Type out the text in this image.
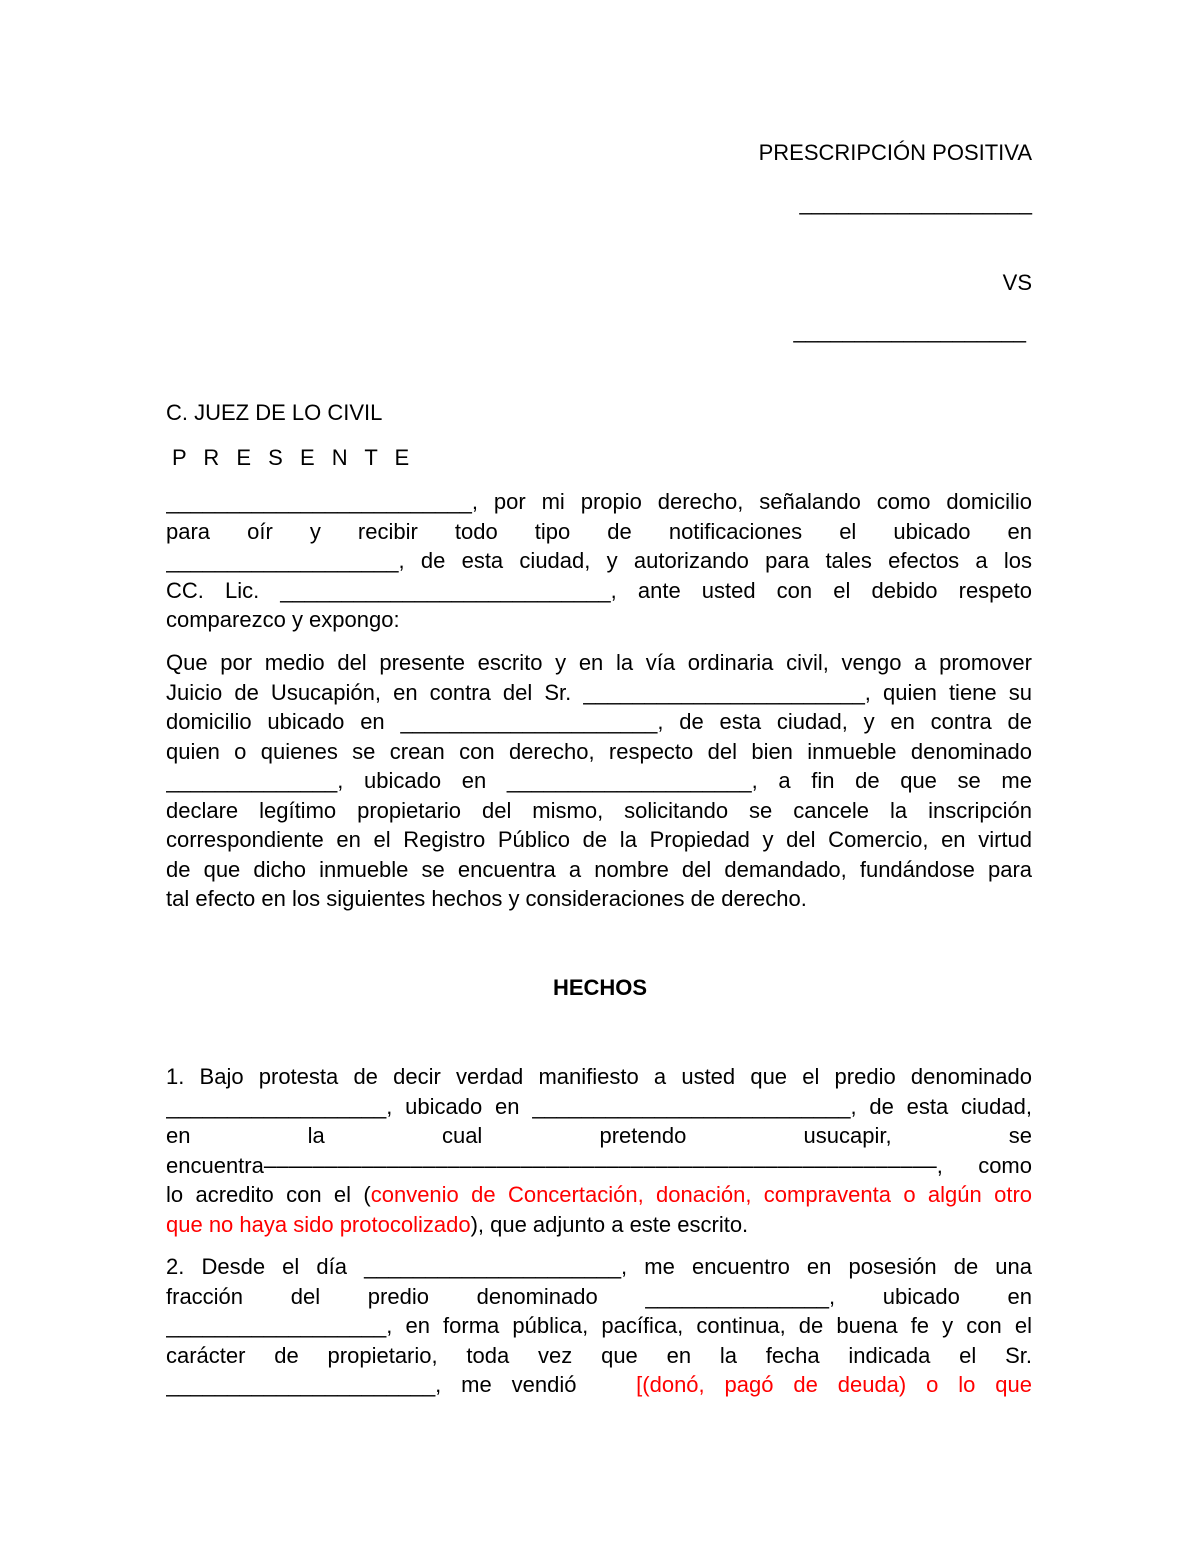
PRESCRIPCIÓN POSITIVA
___________________
VS
___________________
C. JUEZ DE LO CIVIL
P R E S E N T E
_________________________, por mi propio derecho, señalando como domicilio
para oír y recibir todo tipo de notificaciones el ubicado en
___________________, de esta ciudad, y autorizando para tales efectos a los
CC. Lic. ___________________________, ante usted con el debido respeto
comparezco y expongo:
Que por medio del presente escrito y en la vía ordinaria civil, vengo a promover
Juicio de Usucapión, en contra del Sr. _______________________, quien tiene su
domicilio ubicado en _____________________, de esta ciudad, y en contra de
quien o quienes se crean con derecho, respecto del bien inmueble denominado
______________, ubicado en ____________________, a fin de que se me
declare legítimo propietario del mismo, solicitando se cancele la inscripción
correspondiente en el Registro Público de la Propiedad y del Comercio, en virtud
de que dicho inmueble se encuentra a nombre del demandado, fundándose para
tal efecto en los siguientes hechos y consideraciones de derecho.
HECHOS
1. Bajo protesta de decir verdad manifiesto a usted que el predio denominado
__________________, ubicado en __________________________, de esta ciudad,
en la cual pretendo usucapir, se
encuentra–––––––––––––––––––––––––––––––––––––––––––––––––––––––, como
lo acredito con el (convenio de Concertación, donación, compraventa o algún otro
que no haya sido protocolizado), que adjunto a este escrito.
2. Desde el día _____________________, me encuentro en posesión de una
fracción del predio denominado _______________, ubicado en
__________________, en forma pública, pacífica, continua, de buena fe y con el
carácter de propietario, toda vez que en la fecha indicada el Sr.
______________________, me vendió	[(donó, pagó de deuda) o lo que
